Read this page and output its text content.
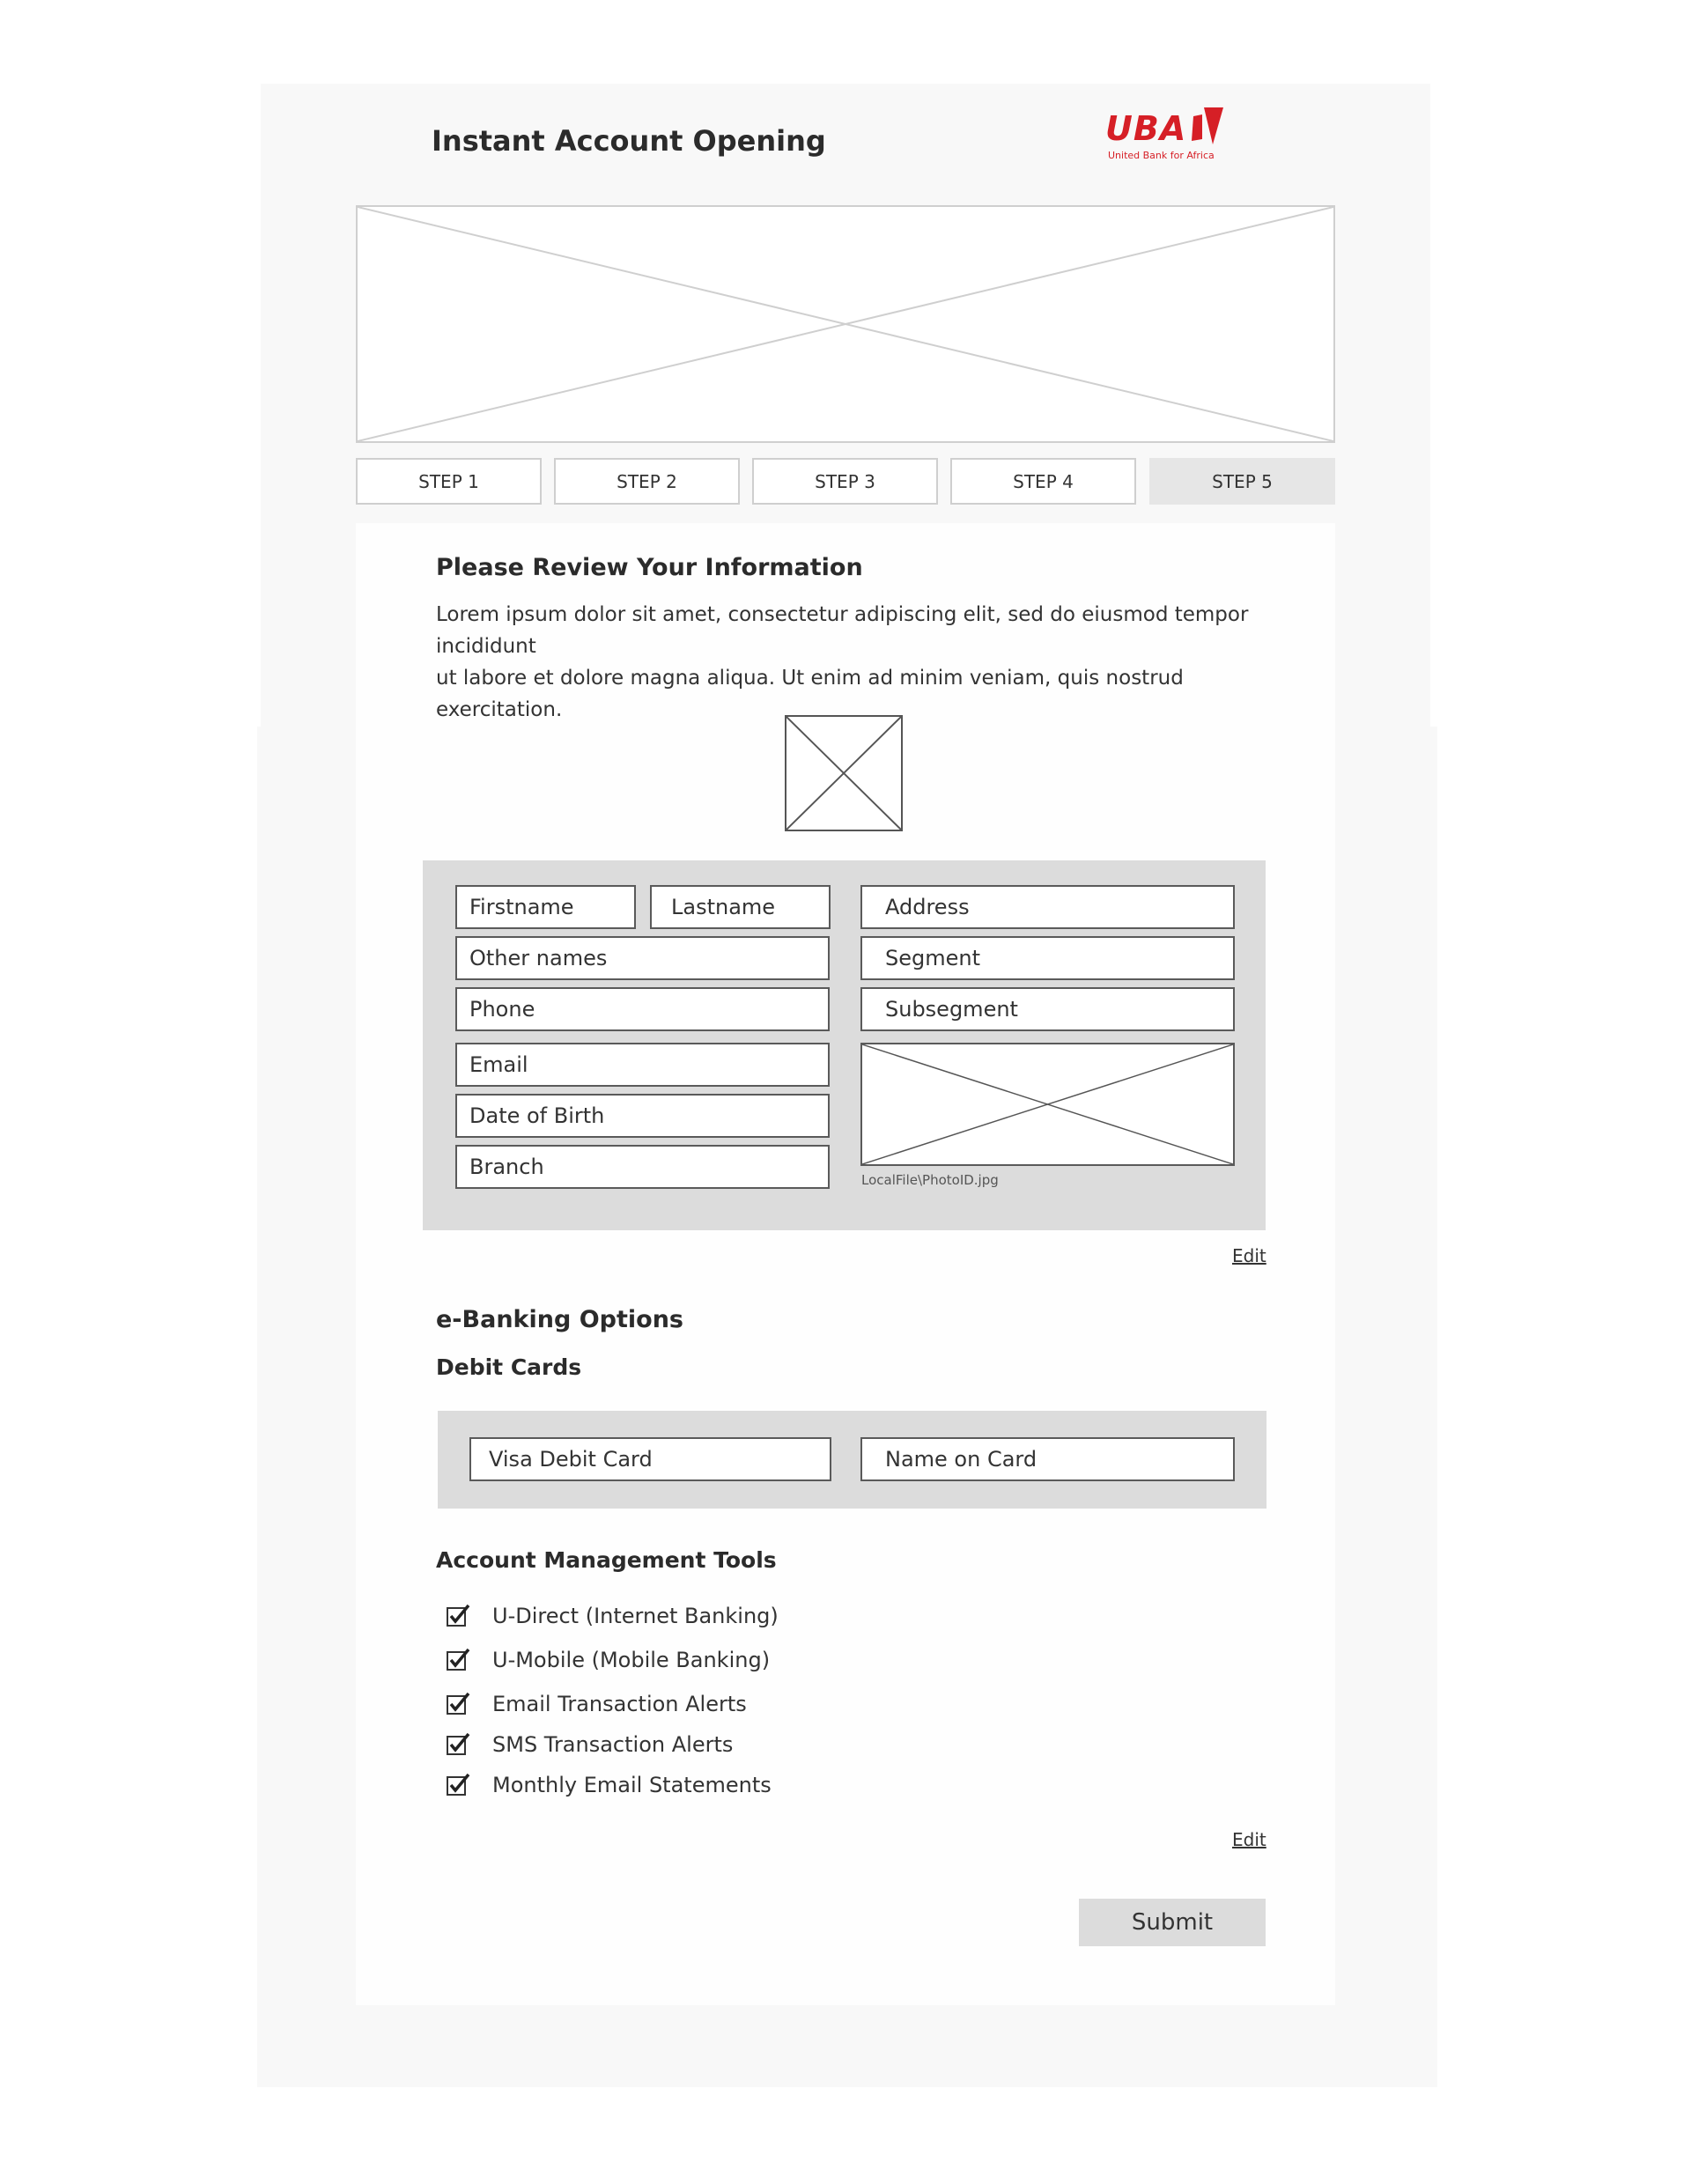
Instant Account Opening	UBA
United Bank for Africa
STEP 1	STEP 2	STEP 3	STEP 4	STEP 5
Please Review Your Information
Lorem ipsum dolor sit amet, consectetur adipiscing elit, sed do eiusmod tempor incididunt
ut labore et dolore magna aliqua. Ut enim ad minim veniam, quis nostrud exercitation.
Firstname	Lastname
Other names
Phone
Email
Date of Birth
Branch
Address
Segment
Subsegment
LocalFile\PhotoID.jpg
Edit
e-Banking Options
Debit Cards
Visa Debit Card	Name on Card
Account Management Tools
U-Direct (Internet Banking)
U-Mobile (Mobile Banking)
Email Transaction Alerts
SMS Transaction Alerts
Monthly Email Statements
Edit
Submit
